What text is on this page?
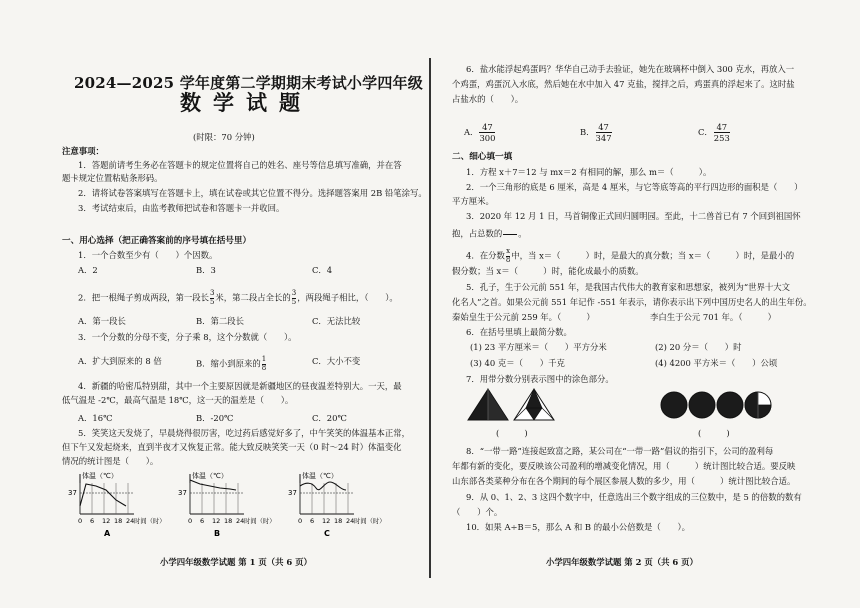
2024—2025 学年度第二学期期末考试小学四年级
数学试题
(时限：70 分钟)
注意事项：
1．答题前请考生务必在答题卡的规定位置将自己的姓名、座号等信息填写准确，并在答
题卡规定位置粘贴条形码。
2．请将试卷答案填写在答题卡上，填在试卷或其它位置不得分。选择题答案用 2B 铅笔涂写。
3．考试结束后，由监考教师把试卷和答题卡一并收回。
一、用心选择（把正确答案前的序号填在括号里）
1．一个合数至少有（　　）个因数。
A．2	B．3	C．4
2．把一根绳子剪成两段，第一段长 $\frac{3}{5}$米，第二段占全长的 $\frac{3}{5}$，两段绳子相比，（　　）。
A．第一段长	B．第二段长	C．无法比较
3．一个分数的分母不变，分子乘 8，这个分数就（　　）。
A．扩大到原来的 8 倍	B．缩小到原来的 $\frac{1}{8}$	C．大小不变
4．新疆的哈密瓜特别甜，其中一个主要原因就是新疆地区的昼夜温差特别大。一天，最
低气温是 -2℃，最高气温是 18℃，这一天的温差是（　　）。
A．16℃	B．-20℃	C．20℃
5．笑笑这天发烧了，早晨烧得很厉害，吃过药后感觉好多了，中午笑笑的体温基本正常，
但下午又发起烧来，直到半夜才又恢复正常。能大致反映笑笑一天（0 时～24 时）体温变化
情况的统计图是（　　）。
体温（℃）
37
0 6 12 18 24 时间（时）
A
体温（℃）
37
0 6 12 18 24 时间（时）
B
体温（℃）
37
0 6 12 18 24 时间（时）
C
小学四年级数学试题 第 1 页（共 6 页）
6．盐水能浮起鸡蛋吗？华华自己动手去验证，她先在玻璃杯中倒入 300 克水，再放入一
个鸡蛋，鸡蛋沉入水底，然后她在水中加入 47 克盐，搅拌之后，鸡蛋真的浮起来了。这时盐
占盐水的（　　）。
A． $\frac{47}{300}$	B． $\frac{47}{347}$	C． $\frac{47}{253}$
二、细心填一填
1．方程 x＋7＝12 与 mx＝2 有相同的解，那么 m＝（　　　）。
2．一个三角形的底是 6 厘米，高是 4 厘米，与它等底等高的平行四边形的面积是（　　）
平方厘米。
3．2020 年 12 月 1 日，马首铜像正式回归圆明园。至此，十二兽首已有 7 个回到祖国怀
抱，占总数的 。
4．在分数 $\frac{x}{8}$中，当 x＝（　　　）时，是最大的真分数；当 x＝（　　　）时，是最小的
假分数；当 x＝（　　　）时，能化成最小的质数。
5．孔子，生于公元前 551 年，是我国古代伟大的教育家和思想家，被列为“世界十大文
化名人”之首。如果公元前 551 年记作 -551 年表示，请你表示出下列中国历史名人的出生年份。
秦始皇生于公元前 259 年。（　　　）	李白生于公元 701 年。（　　　）
6．在括号里填上最简分数。
(1) 23 平方厘米＝（　　）平方分米	(2) 20 分＝（　　）时
(3) 40 克＝（　　）千克	(4) 4200 平方米＝（　　）公顷
7．用带分数分别表示图中的涂色部分。
(　　　)	(　　　)
8．“一带一路”连接起致富之路，某公司在“一带一路”倡议的指引下，公司的盈利每
年都有新的变化，要反映该公司盈利的增减变化情况，用（　　　）统计图比较合适。要反映
山东部各类菜种分布在各个期间的每个展区参展人数的多少，用（　　　）统计图比较合适。
9．从 0、1、2、3 这四个数字中，任意选出三个数字组成的三位数中，是 5 的倍数的数有
（　　）个。
10．如果 A÷B＝5，那么 A 和 B 的最小公倍数是（　　）。
小学四年级数学试题 第 2 页（共 6 页）
